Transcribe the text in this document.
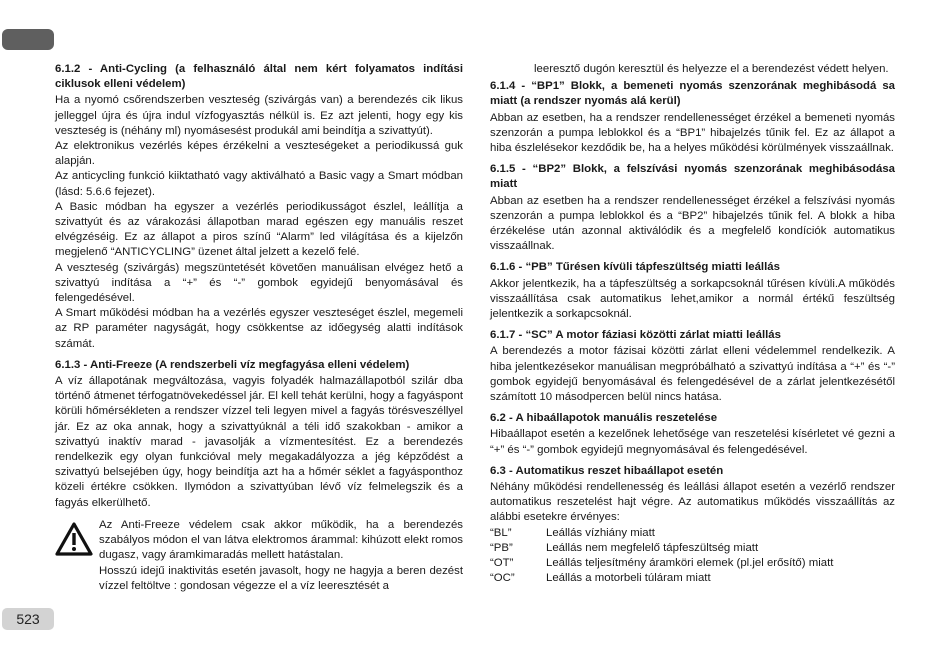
6.1.2 - Anti-Cycling (a felhasználó által nem kért folyamatos indítási ciklusok elleni védelem)
Ha a nyomó csőrendszerben veszteség (szivárgás van) a berendezés cik likus jelleggel újra és újra indul vízfogyasztás nélkül is. Ez azt jelenti, hogy egy kis veszteség is (néhány ml) nyomásesést produkál ami beindítja a szivattyút).
Az elektronikus vezérlés képes érzékelni a veszteségeket a periodikussá guk alapján.
Az anticycling funkció kiiktatható vagy aktiválható a Basic vagy a Smart módban (lásd: 5.6.6 fejezet).
A Basic módban ha egyszer a vezérlés periodikusságot észlel, leállítja a szivattyút és az várakozási állapotban marad egészen egy manuális reszet elvégzéséig. Ez az állapot a piros színű “Alarm” led világítása és a kijelzőn megjelenő “ANTICYCLING” üzenet által jelzett a kezelő felé.
A veszteség (szivárgás) megszüntetését követően manuálisan elvégez hető a szivattyú indítása a “+” és “-” gombok egyidejű benyomásával és felengedésével.
A Smart működési módban ha a vezérlés egyszer veszteséget észlel, megemeli az RP paraméter nagyságát, hogy csökkentse az időegység alatti indítások számát.
6.1.3 - Anti-Freeze (A rendszerbeli víz megfagyása elleni védelem)
A víz állapotának megváltozása, vagyis folyadék halmazállapotból szilár dba történő átmenet térfogatnövekedéssel jár. El kell tehát kerülni, hogy a fagyáspont körüli hőmérsékleten a rendszer vízzel teli legyen mivel a fagyás törésveszéllyel jár. Ez az oka annak, hogy a szivattyúknál a téli idő szakokban - amikor a szivattyú inaktív marad - javasolják a vízmentesítést. Ez a berendezés rendelkezik egy olyan funkcióval mely megakadályozza a jég képződést a szivattyú belsejében úgy, hogy beindítja azt ha a hőmér séklet a fagyásponthoz közeli értékre csökken. Ilymódon a szivattyúban lévő víz felmelegszik és a fagyás elkerülhető.
Az Anti-Freeze védelem csak akkor működik, ha a berendezés szabályos módon el van látva elektromos árammal: kihúzott elekt romos dugasz, vagy áramkimaradás mellett hatástalan.
Hosszú idejű inaktivitás esetén javasolt, hogy ne hagyja a beren dezést vízzel feltöltve : gondosan végezze el a víz leeresztését a
leeresztő dugón keresztül és helyezze el a berendezést védett helyen.
6.1.4 - “BP1” Blokk, a bemeneti nyomás szenzorának meghibásodá sa miatt (a rendszer nyomás alá kerül)
Abban az esetben, ha a rendszer rendellenességet érzékel a bemeneti nyomás szenzorán a pumpa leblokkol és a “BP1” hibajelzés tűnik fel. Ez az állapot a hiba észlelésekor kezdődik be, ha a helyes működési körülmények visszaállnak.
6.1.5 - “BP2” Blokk, a felszívási nyomás szenzorának meghibásodása miatt
Abban az esetben ha a rendszer rendellenességet érzékel a felszívási nyomás szenzorán a pumpa leblokkol és a “BP2” hibajelzés tűnik fel. A blokk a hiba érzékelése után azonnal aktiválódik és a megfelelő kondíciók automatikus visszaállnak.
6.1.6 - “PB” Tűrésen kívüli tápfeszültség miatti leállás
Akkor jelentkezik, ha a tápfeszültség a sorkapcsoknál tűrésen kívüli.A működés visszaállítása csak automatikus lehet,amikor a normál értékű feszültség jelentkezik a sorkapcsoknál.
6.1.7 - “SC” A motor fáziasi közötti zárlat miatti leállás
A berendezés a motor fázisai közötti zárlat elleni védelemmel rendelkezik. A hiba jelentkezésekor manuálisan megpróbálható a szivattyú indítása a “+” és “-” gombok egyidejű benyomásával és felengedésével de a zárlat jelentkezésétől számított 10 másodpercen belül nincs hatása.
6.2 - A hibaállapotok manuális reszetelése
Hibaállapot esetén a kezelőnek lehetősége van reszetelési kísérletet vé gezni a “+” és “-” gombok egyidejű megnyomásával és felengedésével.
6.3 - Automatikus reszet hibaállapot esetén
Néhány működési rendellenesség és leállási állapot esetén a vezérlő rendszer automatikus reszetelést hajt végre. Az automatikus működés visszaállítás az alábbi esetekre érvényes:
“BL”	Leállás vízhiány miatt
“PB”	Leállás nem megfelelő tápfeszültség miatt
“OT”	Leállás teljesítmény áramköri elemek (pl.jel erősítő) miatt
“OC”	Leállás a motorbeli túláram miatt
523
